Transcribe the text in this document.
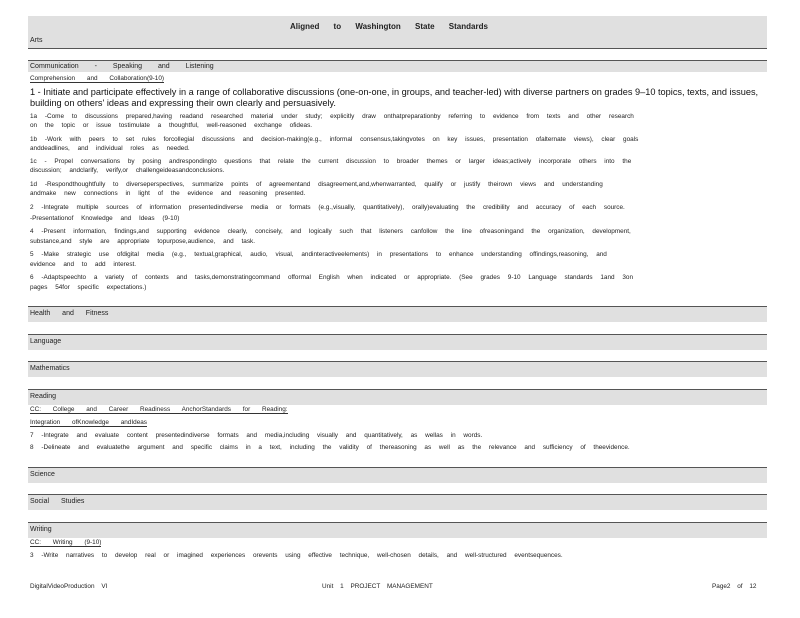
Aligned to Washington State Standards
Arts
Communication - Speaking and Listening
Comprehension and Collaboration(9-10)
1 - Initiate and participate effectively in a range of collaborative discussions (one-on-one, in groups, and teacher-led) with diverse partners on grades 9–10 topics, texts, and issues, building on others' ideas and expressing their own clearly and persuasively.
1a -Come to discussions prepared,having readand researched material under study; explicitly draw onthatpreparationby referring to evidence from texts and other research
on the topic or issue tostimulate a thoughtful, well-reasoned exchange ofideas.
1b -Work with peers to set rules forcollegial discussions and decision-making(e.g., informal consensus,takingvotes on key issues, presentation ofalternate views), clear goals
anddeadlines, and individual roles as needed.
1c - Propel conversations by posing andrespondingto questions that relate the current discussion to broader themes or larger ideas;actively incorporate others into the
discussion; andclarify, verify,or challengeideasandconclusions.
1d -Respondthoughtfully to diverseperspectives, summarize points of agreementand disagreement,and,whenwarranted, qualify or justify theirown views and understanding
andmake new connections in light of the evidence and reasoning presented.
2 -Integrate multiple sources of information presentedindiverse media or formats (e.g.,visually, quantitatively), orally)evaluating the credibility and accuracy of each source.
-Presentationof Knowledge and Ideas (9-10)
4 -Present information, findings,and supporting evidence clearly, concisely, and logically such that listeners canfollow the line ofreasoningand the organization, development,
substance,and style are appropriate topurpose,audience, and task.
5 -Make strategic use ofdigital media (e.g., textual,graphical, audio, visual, andinteractiveelements) in presentations to enhance understanding offindings,reasoning, and
evidence and to add interest.
6 -Adaptspeechto a variety of contexts and tasks,demonstratingcommand offormal English when indicated or appropriate. (See grades 9-10 Language standards 1and 3on
pages 54for specific expectations.)
Health and Fitness
Language
Mathematics
Reading
CC: College and Career Readiness AnchorStandards for Reading:
Integration ofKnowledge andIdeas
7 -Integrate and evaluate content presentedindiverse formats and media,including visually and quantitatively, as wellas in words.
8 -Delineate and evaluatethe argument and specific claims in a text, including the validity of thereasoning as well as the relevance and sufficiency of theevidence.
Science
Social Studies
Writing
CC: Writing (9-10)
3 -Write narratives to develop real or imagined experiences orevents using effective technique, well-chosen details, and well-structured eventsequences.
DigitalVideoProduction VI	Unit 1 PROJECT MANAGEMENT	Page2 of 12
